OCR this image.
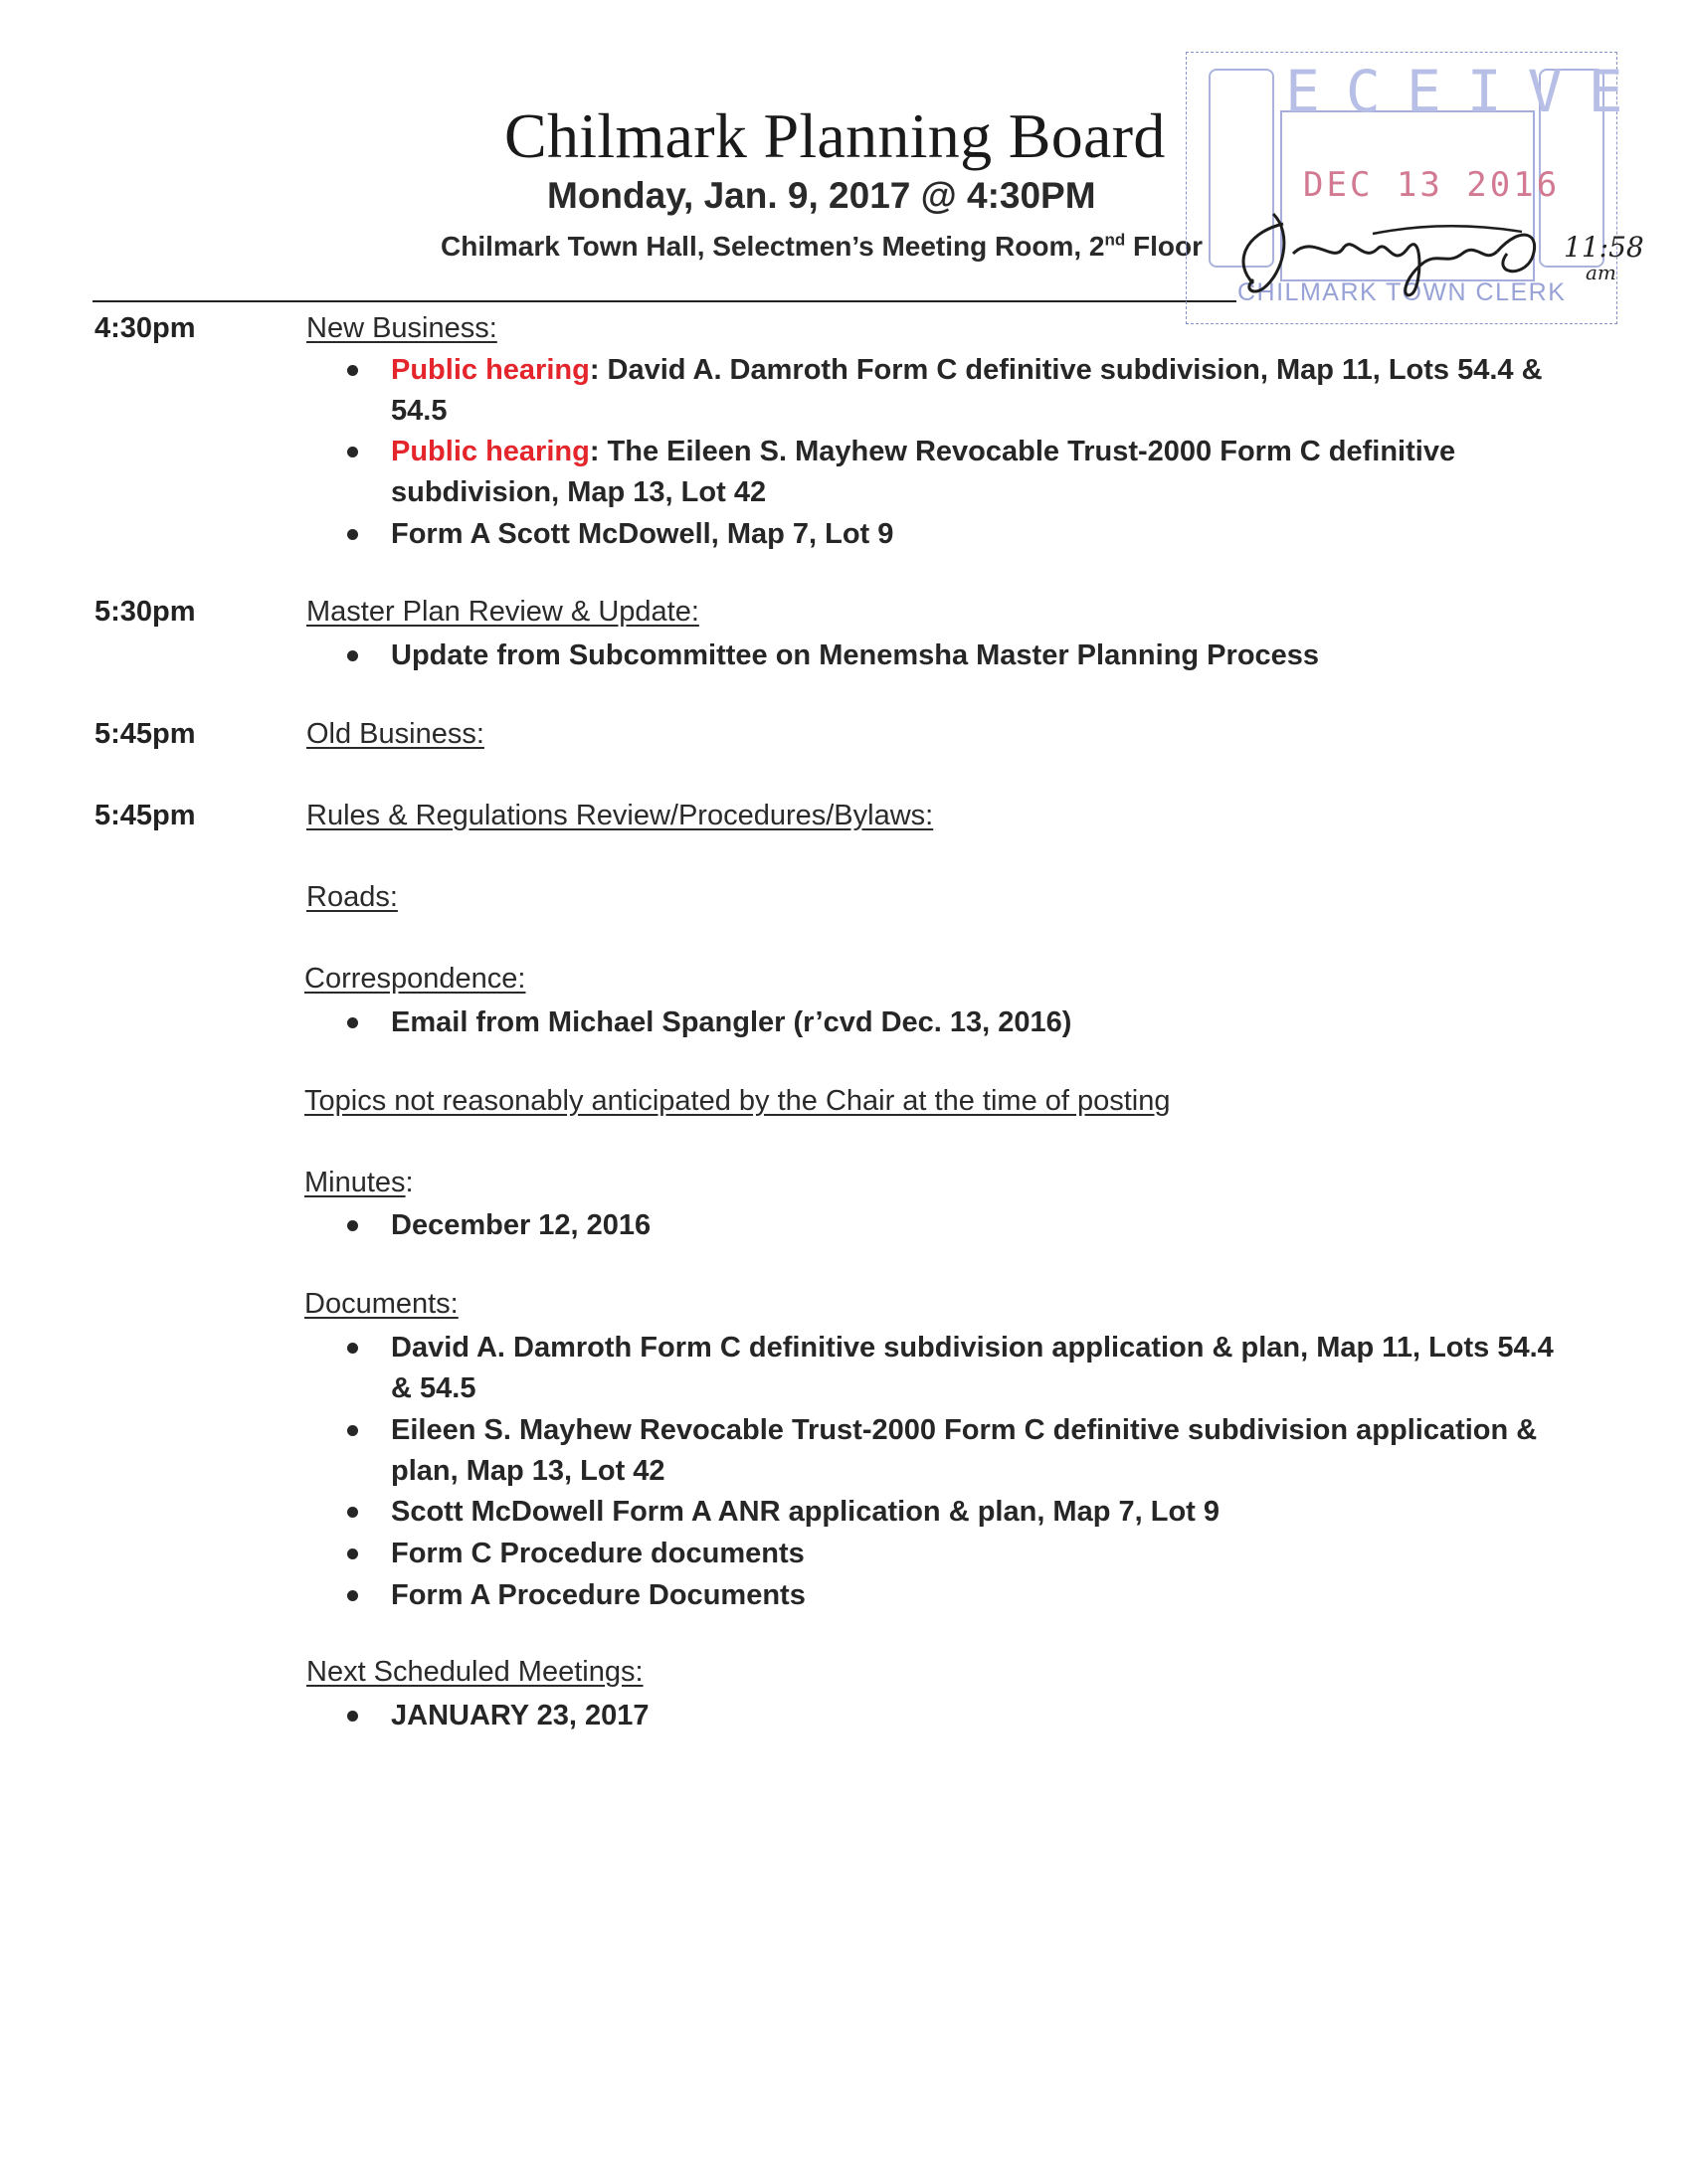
Chilmark Planning Board
Monday, Jan. 9, 2017 @ 4:30PM
Chilmark Town Hall, Selectmen’s Meeting Room, 2nd Floor
ECEIVE
DEC 13 2016
CHILMARK TOWN CLERK
11:58
am
4:30pm	New Business:
Public hearing: David A. Damroth Form C definitive subdivision, Map 11, Lots 54.4 & 54.5
Public hearing: The Eileen S. Mayhew Revocable Trust-2000 Form C definitive subdivision, Map 13, Lot 42
Form A Scott McDowell, Map 7, Lot 9
5:30pm	Master Plan Review & Update:
Update from Subcommittee on Menemsha Master Planning Process
5:45pm	Old Business:
5:45pm	Rules & Regulations Review/Procedures/Bylaws:
Roads:
Correspondence:
Email from Michael Spangler (r’cvd Dec. 13, 2016)
Topics not reasonably anticipated by the Chair at the time of posting
Minutes:
December 12, 2016
Documents:
David A. Damroth Form C definitive subdivision application & plan, Map 11, Lots 54.4 & 54.5
Eileen S. Mayhew Revocable Trust-2000 Form C definitive subdivision application & plan, Map 13, Lot 42
Scott McDowell Form A ANR application & plan, Map 7, Lot 9
Form C Procedure documents
Form A Procedure Documents
Next Scheduled Meetings:
JANUARY 23, 2017
